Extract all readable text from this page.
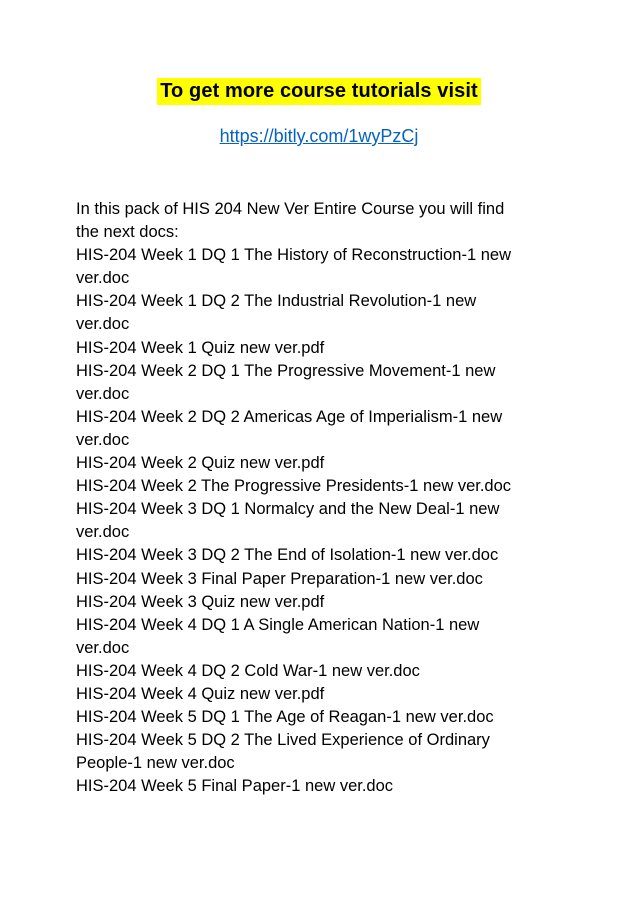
To get more course tutorials visit
https://bitly.com/1wyPzCj
In this pack of HIS 204 New Ver Entire Course you will find
the next docs:
HIS-204 Week 1 DQ 1 The History of Reconstruction-1 new
ver.doc
HIS-204 Week 1 DQ 2 The Industrial Revolution-1 new
ver.doc
HIS-204 Week 1 Quiz new ver.pdf
HIS-204 Week 2 DQ 1 The Progressive Movement-1 new
ver.doc
HIS-204 Week 2 DQ 2 Americas Age of Imperialism-1 new
ver.doc
HIS-204 Week 2 Quiz new ver.pdf
HIS-204 Week 2 The Progressive Presidents-1 new ver.doc
HIS-204 Week 3 DQ 1 Normalcy and the New Deal-1 new
ver.doc
HIS-204 Week 3 DQ 2 The End of Isolation-1 new ver.doc
HIS-204 Week 3 Final Paper Preparation-1 new ver.doc
HIS-204 Week 3 Quiz new ver.pdf
HIS-204 Week 4 DQ 1 A Single American Nation-1 new
ver.doc
HIS-204 Week 4 DQ 2 Cold War-1 new ver.doc
HIS-204 Week 4 Quiz new ver.pdf
HIS-204 Week 5 DQ 1 The Age of Reagan-1 new ver.doc
HIS-204 Week 5 DQ 2 The Lived Experience of Ordinary
People-1 new ver.doc
HIS-204 Week 5 Final Paper-1 new ver.doc
